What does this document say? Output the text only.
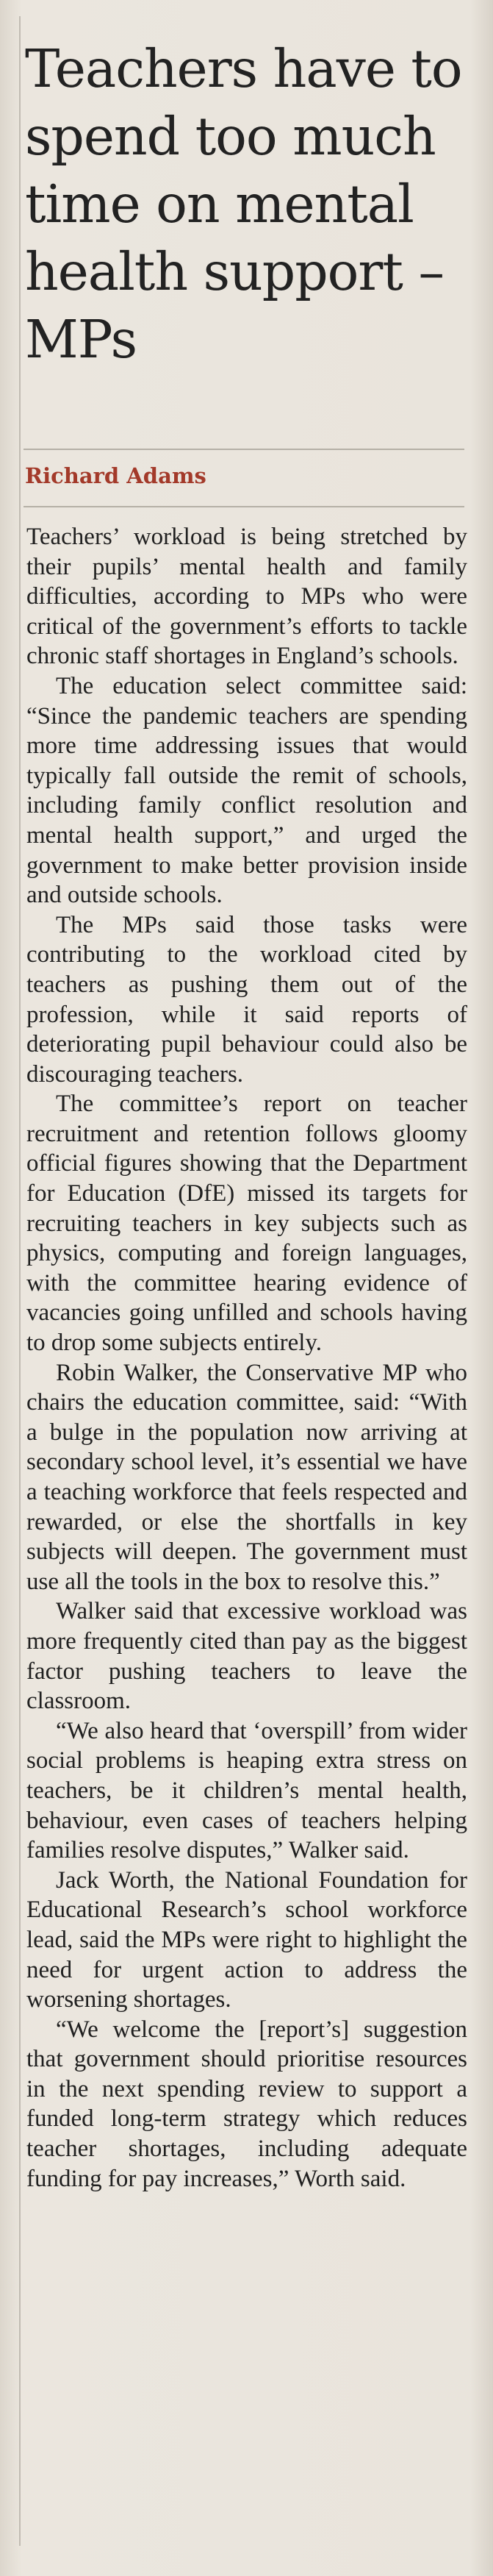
Teachers have to spend too much time on mental health support – MPs

Richard Adams

Teachers’ workload is being stretched by their pupils’ mental health and family difficulties, according to MPs who were critical of the government’s efforts to tackle chronic staff shortages in England’s schools.

The education select committee said: “Since the pandemic teachers are spending more time addressing issues that would typically fall outside the remit of schools, including family conflict resolution and mental health support,” and urged the government to make better provision inside and outside schools.

The MPs said those tasks were contributing to the workload cited by teachers as pushing them out of the profession, while it said reports of deteriorating pupil behaviour could also be discouraging teachers.

The committee’s report on teacher recruitment and retention follows gloomy official figures showing that the Department for Education (DfE) missed its targets for recruiting teachers in key subjects such as physics, computing and foreign languages, with the committee hearing evidence of vacancies going unfilled and schools having to drop some subjects entirely.

Robin Walker, the Conservative MP who chairs the education committee, said: “With a bulge in the population now arriving at secondary school level, it’s essential we have a teaching workforce that feels respected and rewarded, or else the shortfalls in key subjects will deepen. The government must use all the tools in the box to resolve this.”

Walker said that excessive workload was more frequently cited than pay as the biggest factor pushing teachers to leave the classroom.

“We also heard that ‘overspill’ from wider social problems is heaping extra stress on teachers, be it children’s mental health, behaviour, even cases of teachers helping families resolve disputes,” Walker said.

Jack Worth, the National Foundation for Educational Research’s school workforce lead, said the MPs were right to highlight the need for urgent action to address the worsening shortages.

“We welcome the [report’s] suggestion that government should prioritise resources in the next spending review to support a funded long-term strategy which reduces teacher shortages, including adequate funding for pay increases,” Worth said.
